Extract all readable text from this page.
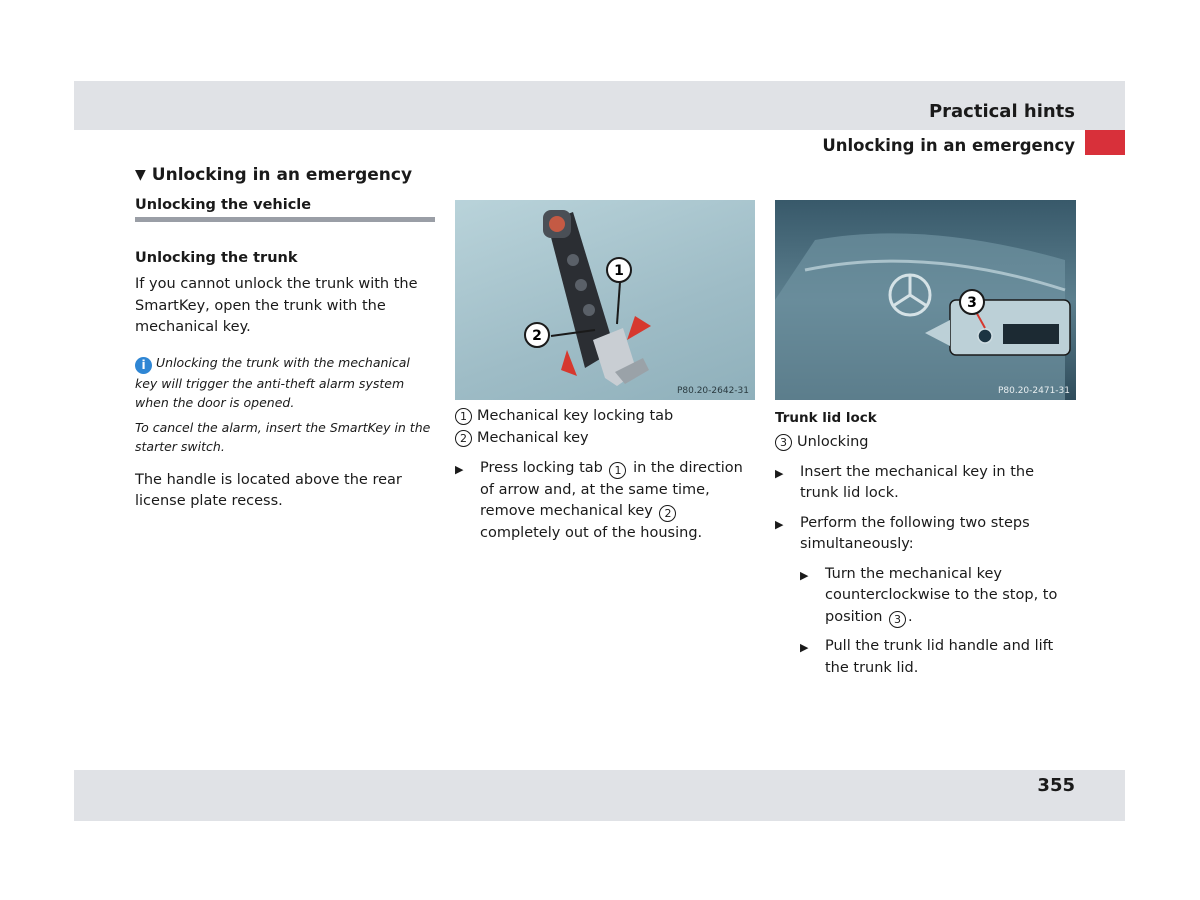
Practical hints
Unlocking in an emergency
▼ Unlocking in an emergency
Unlocking the vehicle
Unlocking the trunk

If you cannot unlock the trunk with the SmartKey, open the trunk with the mechanical key.

i Unlocking the trunk with the mechanical key will trigger the anti-theft alarm system when the door is opened.
To cancel the alarm, insert the SmartKey in the starter switch.

The handle is located above the rear license plate recess.

1
2
P80.20-2642-31
3
P80.20-2471-31
1 Mechanical key locking tab
2 Mechanical key
▶	Press locking tab 1 in the direction of arrow and, at the same time, remove mechanical key 2 completely out of the housing.
Trunk lid lock
3 Unlocking
▶	Insert the mechanical key in the trunk lid lock.
▶	Perform the following two steps simultaneously:
▶	Turn the mechanical key counterclockwise to the stop, to position 3 .
▶	Pull the trunk lid handle and lift the trunk lid.
355
